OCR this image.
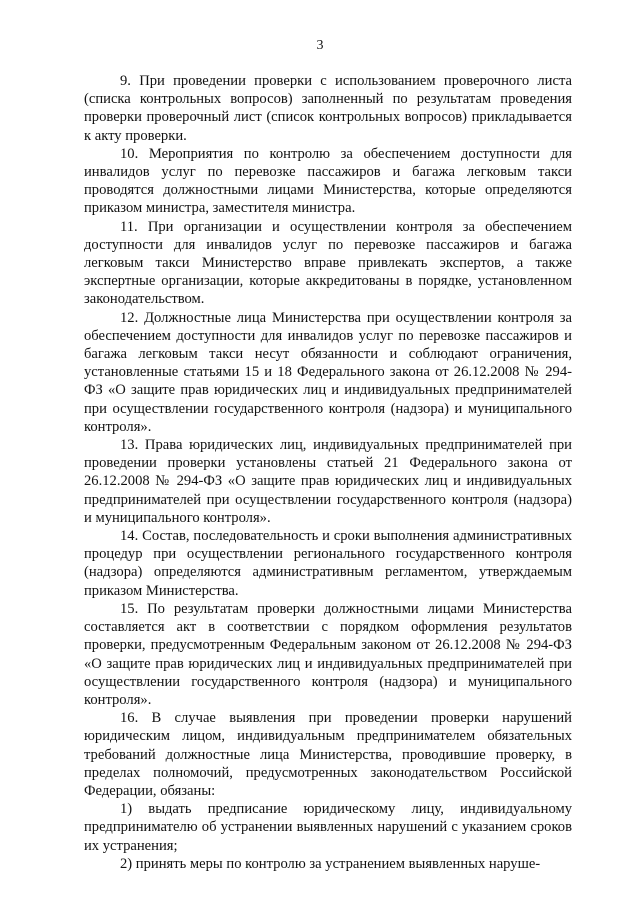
3

9. При проведении проверки с использованием проверочного листа (списка контрольных вопросов) заполненный по результатам проведения проверки проверочный лист (список контрольных вопросов) прикладывается к акту проверки.

10. Мероприятия по контролю за обеспечением доступности для инвалидов услуг по перевозке пассажиров и багажа легковым такси проводятся должностными лицами Министерства, которые определяются приказом министра, заместителя министра.

11. При организации и осуществлении контроля за обеспечением доступности для инвалидов услуг по перевозке пассажиров и багажа легковым такси Министерство вправе привлекать экспертов, а также экспертные организации, которые аккредитованы в порядке, установленном законодательством.

12. Должностные лица Министерства при осуществлении контроля за обеспечением доступности для инвалидов услуг по перевозке пассажиров и багажа легковым такси несут обязанности и соблюдают ограничения, установленные статьями 15 и 18 Федерального закона от 26.12.2008 № 294-ФЗ «О защите прав юридических лиц и индивидуальных предпринимателей при осуществлении государственного контроля (надзора) и муниципального контроля».

13. Права юридических лиц, индивидуальных предпринимателей при проведении проверки установлены статьей 21 Федерального закона от 26.12.2008 № 294-ФЗ «О защите прав юридических лиц и индивидуальных предпринимателей при осуществлении государственного контроля (надзора) и муниципального контроля».

14. Состав, последовательность и сроки выполнения административных процедур при осуществлении регионального государственного контроля (надзора) определяются административным регламентом, утверждаемым приказом Министерства.

15. По результатам проверки должностными лицами Министерства составляется акт в соответствии с порядком оформления результатов проверки, предусмотренным Федеральным законом от 26.12.2008 № 294-ФЗ «О защите прав юридических лиц и индивидуальных предпринимателей при осуществлении государственного контроля (надзора) и муниципального контроля».

16. В случае выявления при проведении проверки нарушений юридическим лицом, индивидуальным предпринимателем обязательных требований должностные лица Министерства, проводившие проверку, в пределах полномочий, предусмотренных законодательством Российской Федерации, обязаны:

1) выдать предписание юридическому лицу, индивидуальному предпринимателю об устранении выявленных нарушений с указанием сроков их устранения;

2) принять меры по контролю за устранением выявленных наруше-
